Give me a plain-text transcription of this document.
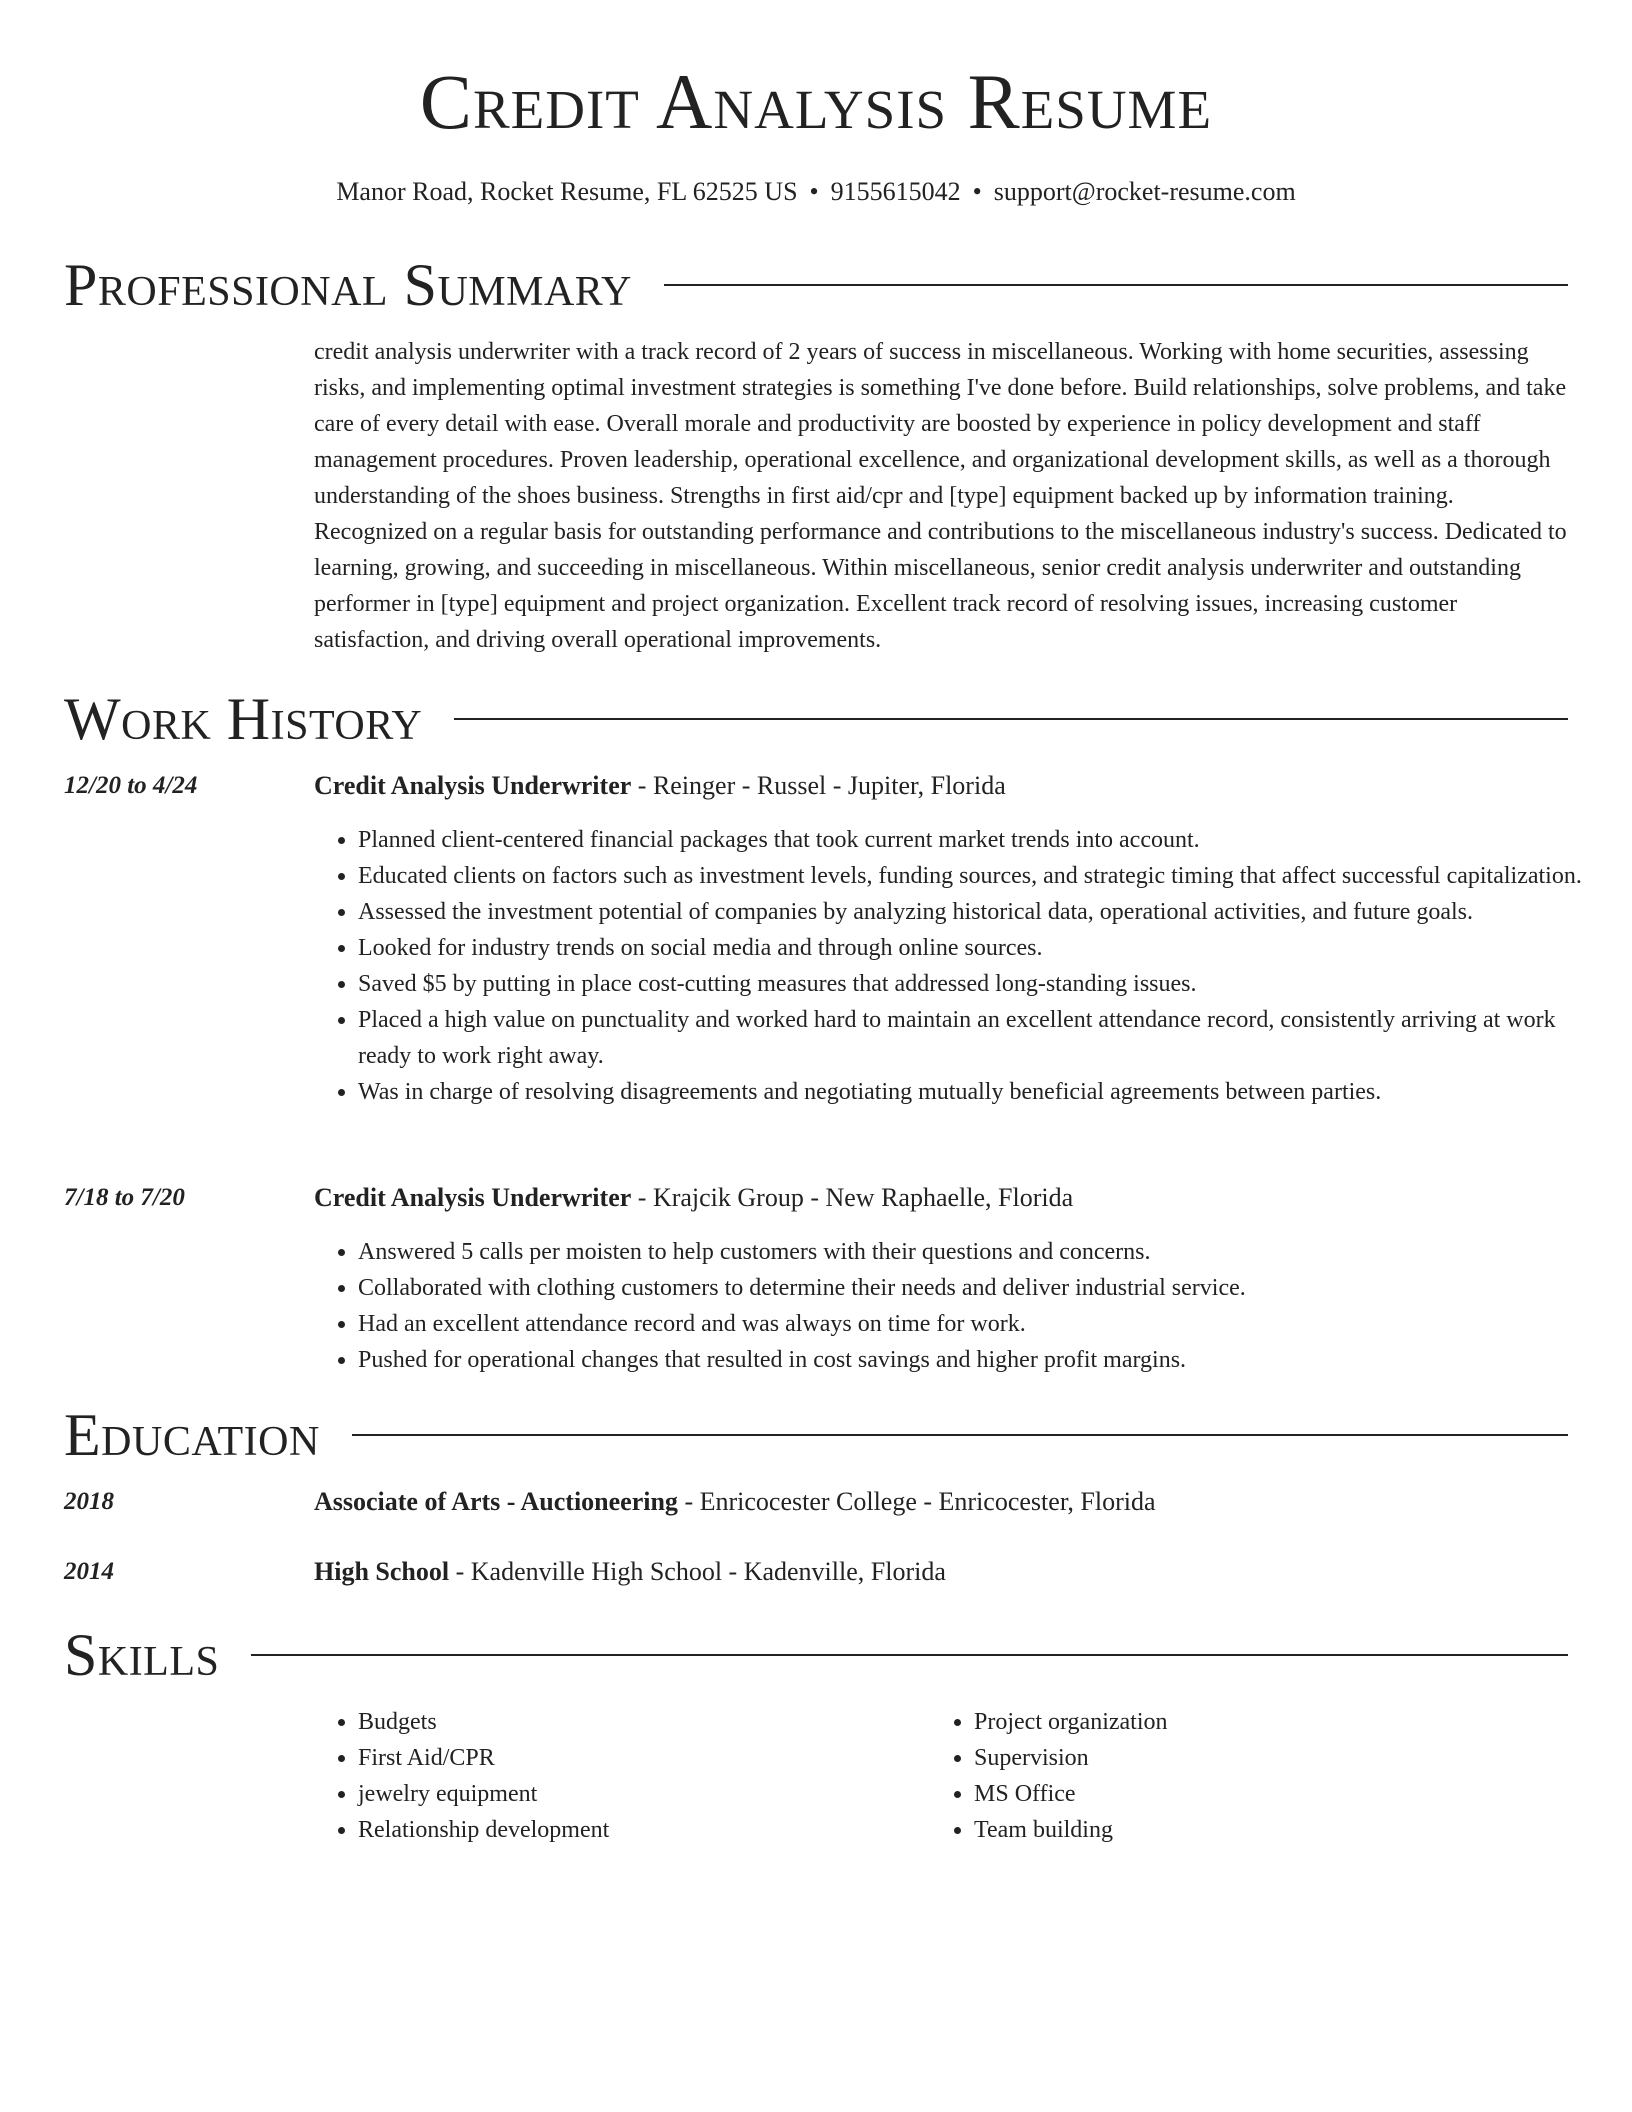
Credit Analysis Resume
Manor Road, Rocket Resume, FL 62525 US • 9155615042 • support@rocket-resume.com
Professional Summary
credit analysis underwriter with a track record of 2 years of success in miscellaneous. Working with home securities, assessing risks, and implementing optimal investment strategies is something I've done before. Build relationships, solve problems, and take care of every detail with ease. Overall morale and productivity are boosted by experience in policy development and staff management procedures. Proven leadership, operational excellence, and organizational development skills, as well as a thorough understanding of the shoes business. Strengths in first aid/cpr and [type] equipment backed up by information training. Recognized on a regular basis for outstanding performance and contributions to the miscellaneous industry's success. Dedicated to learning, growing, and succeeding in miscellaneous. Within miscellaneous, senior credit analysis underwriter and outstanding performer in [type] equipment and project organization. Excellent track record of resolving issues, increasing customer satisfaction, and driving overall operational improvements.
Work History
12/20 to 4/24	Credit Analysis Underwriter - Reinger - Russel - Jupiter, Florida
• Planned client-centered financial packages that took current market trends into account.
• Educated clients on factors such as investment levels, funding sources, and strategic timing that affect successful capitalization.
• Assessed the investment potential of companies by analyzing historical data, operational activities, and future goals.
• Looked for industry trends on social media and through online sources.
• Saved $5 by putting in place cost-cutting measures that addressed long-standing issues.
• Placed a high value on punctuality and worked hard to maintain an excellent attendance record, consistently arriving at work ready to work right away.
• Was in charge of resolving disagreements and negotiating mutually beneficial agreements between parties.
7/18 to 7/20	Credit Analysis Underwriter - Krajcik Group - New Raphaelle, Florida
• Answered 5 calls per moisten to help customers with their questions and concerns.
• Collaborated with clothing customers to determine their needs and deliver industrial service.
• Had an excellent attendance record and was always on time for work.
• Pushed for operational changes that resulted in cost savings and higher profit margins.
Education
2018	Associate of Arts - Auctioneering - Enricocester College - Enricocester, Florida
2014	High School - Kadenville High School - Kadenville, Florida
Skills
• Budgets
• First Aid/CPR
• jewelry equipment
• Relationship development
• Project organization
• Supervision
• MS Office
• Team building
